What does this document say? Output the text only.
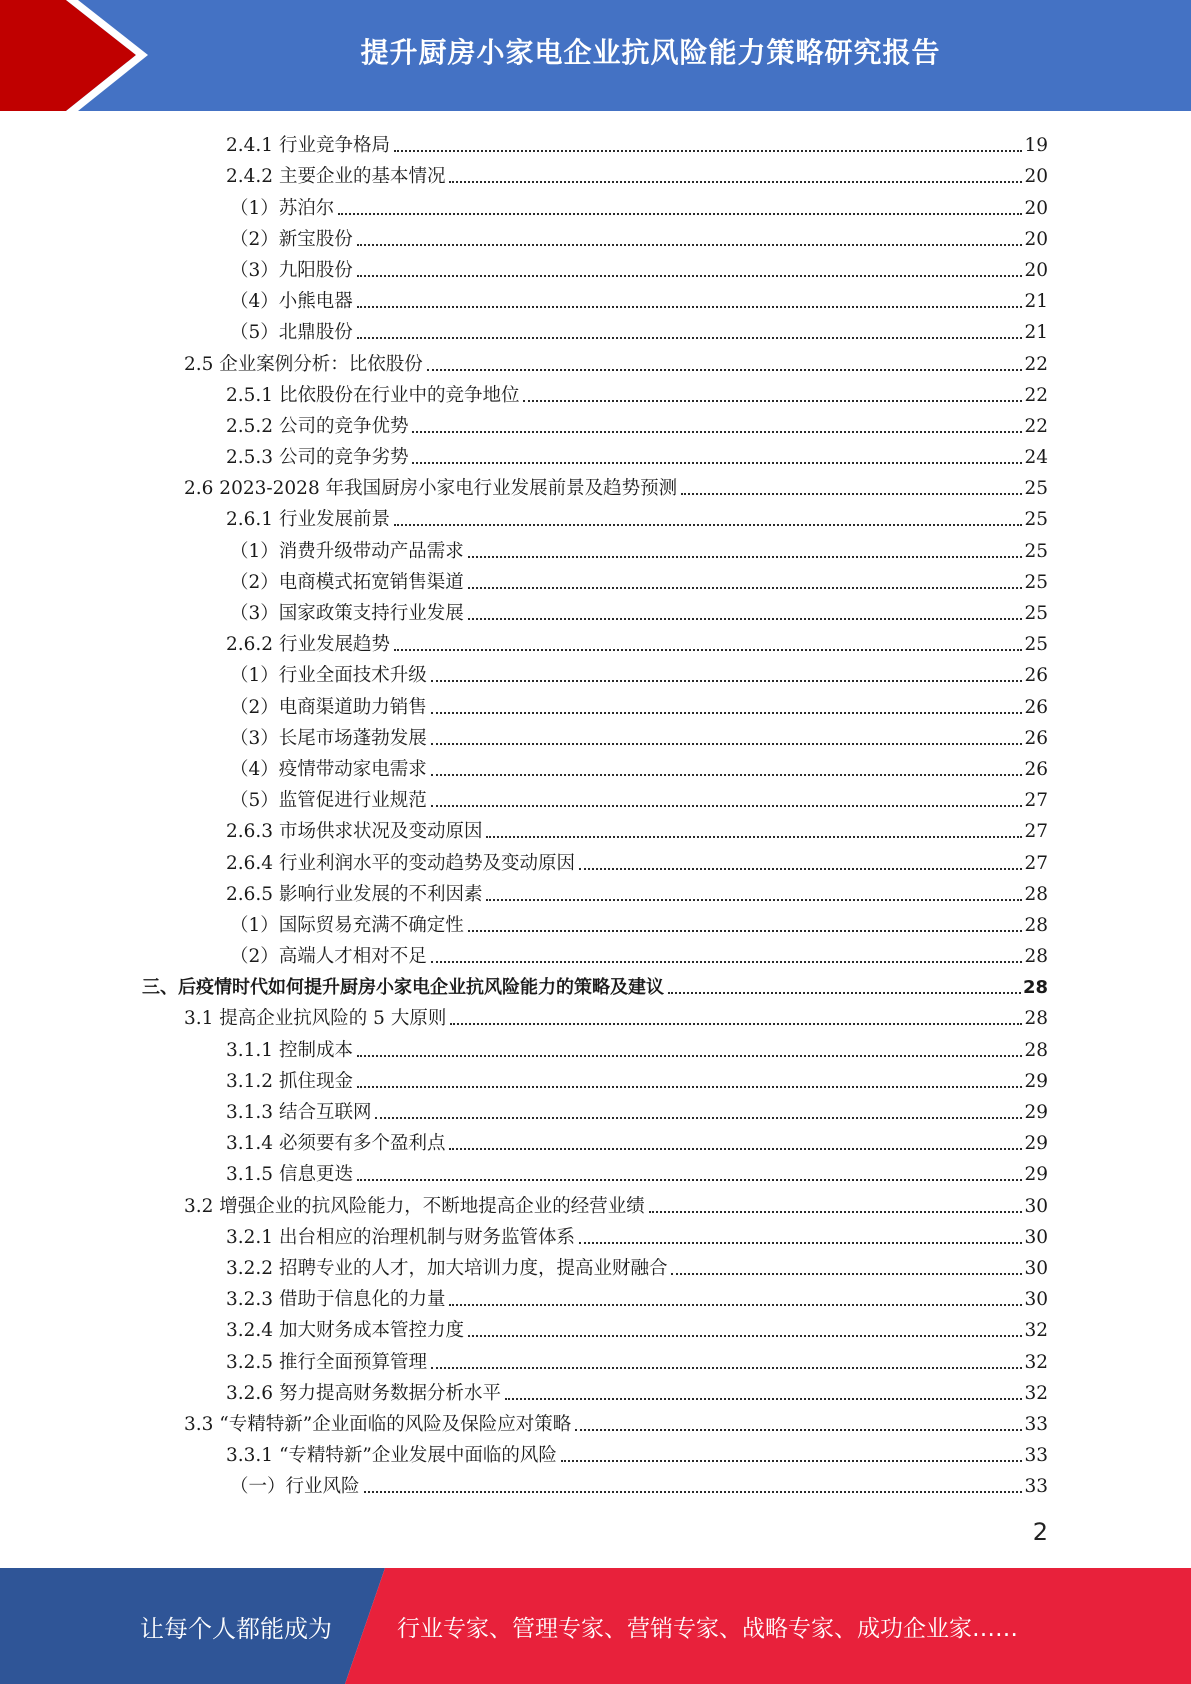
提升厨房小家电企业抗风险能力策略研究报告
2.4.1 行业竞争格局	19
2.4.2 主要企业的基本情况	20
（1）苏泊尔	20
（2）新宝股份	20
（3）九阳股份	20
（4）小熊电器	21
（5）北鼎股份	21
2.5 企业案例分析：比依股份	22
2.5.1 比依股份在行业中的竞争地位	22
2.5.2 公司的竞争优势	22
2.5.3 公司的竞争劣势	24
2.6 2023-2028 年我国厨房小家电行业发展前景及趋势预测	25
2.6.1 行业发展前景	25
（1）消费升级带动产品需求	25
（2）电商模式拓宽销售渠道	25
（3）国家政策支持行业发展	25
2.6.2 行业发展趋势	25
（1）行业全面技术升级	26
（2）电商渠道助力销售	26
（3）长尾市场蓬勃发展	26
（4）疫情带动家电需求	26
（5）监管促进行业规范	27
2.6.3 市场供求状况及变动原因	27
2.6.4 行业利润水平的变动趋势及变动原因	27
2.6.5 影响行业发展的不利因素	28
（1）国际贸易充满不确定性	28
（2）高端人才相对不足	28
三、后疫情时代如何提升厨房小家电企业抗风险能力的策略及建议	28
3.1 提高企业抗风险的 5 大原则	28
3.1.1 控制成本	28
3.1.2 抓住现金	29
3.1.3 结合互联网	29
3.1.4 必须要有多个盈利点	29
3.1.5 信息更迭	29
3.2 增强企业的抗风险能力，不断地提高企业的经营业绩	30
3.2.1 出台相应的治理机制与财务监管体系	30
3.2.2 招聘专业的人才，加大培训力度，提高业财融合	30
3.2.3 借助于信息化的力量	30
3.2.4 加大财务成本管控力度	32
3.2.5 推行全面预算管理	32
3.2.6 努力提高财务数据分析水平	32
3.3 “专精特新”企业面临的风险及保险应对策略	33
3.3.1 “专精特新”企业发展中面临的风险	33
（一）行业风险	33
2
让每个人都能成为	行业专家、管理专家、营销专家、战略专家、成功企业家……
